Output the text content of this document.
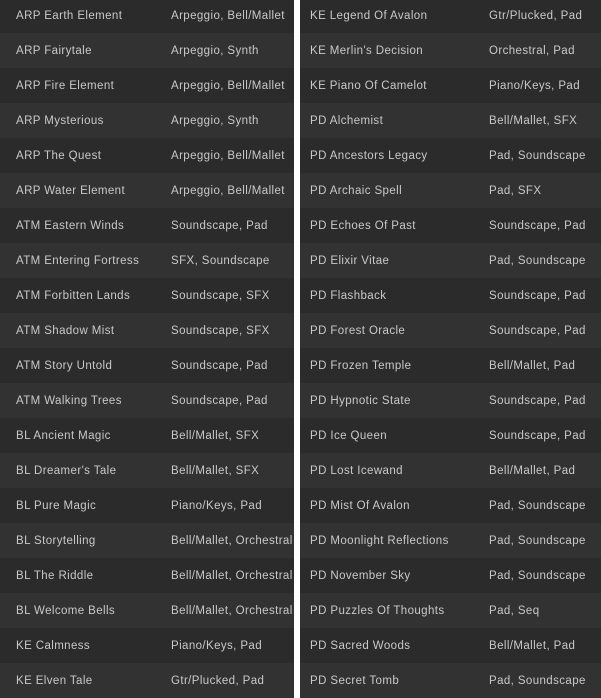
ARP Earth Element	Arpeggio, Bell/Mallet
ARP Fairytale	Arpeggio, Synth
ARP Fire Element	Arpeggio, Bell/Mallet
ARP Mysterious	Arpeggio, Synth
ARP The Quest	Arpeggio, Bell/Mallet
ARP Water Element	Arpeggio, Bell/Mallet
ATM Eastern Winds	Soundscape, Pad
ATM Entering Fortress	SFX, Soundscape
ATM Forbitten Lands	Soundscape, SFX
ATM Shadow Mist	Soundscape, SFX
ATM Story Untold	Soundscape, Pad
ATM Walking Trees	Soundscape, Pad
BL Ancient Magic	Bell/Mallet, SFX
BL Dreamer's Tale	Bell/Mallet, SFX
BL Pure Magic	Piano/Keys, Pad
BL Storytelling	Bell/Mallet, Orchestral
BL The Riddle	Bell/Mallet, Orchestral
BL Welcome Bells	Bell/Mallet, Orchestral
KE Calmness	Piano/Keys, Pad
KE Elven Tale	Gtr/Plucked, Pad
KE Legend Of Avalon	Gtr/Plucked, Pad
KE Merlin's Decision	Orchestral, Pad
KE Piano Of Camelot	Piano/Keys, Pad
PD Alchemist	Bell/Mallet, SFX
PD Ancestors Legacy	Pad, Soundscape
PD Archaic Spell	Pad, SFX
PD Echoes Of Past	Soundscape, Pad
PD Elixir Vitae	Pad, Soundscape
PD Flashback	Soundscape, Pad
PD Forest Oracle	Soundscape, Pad
PD Frozen Temple	Bell/Mallet, Pad
PD Hypnotic State	Soundscape, Pad
PD Ice Queen	Soundscape, Pad
PD Lost Icewand	Bell/Mallet, Pad
PD Mist Of Avalon	Pad, Soundscape
PD Moonlight Reflections	Pad, Soundscape
PD November Sky	Pad, Soundscape
PD Puzzles Of Thoughts	Pad, Seq
PD Sacred Woods	Bell/Mallet, Pad
PD Secret Tomb	Pad, Soundscape
